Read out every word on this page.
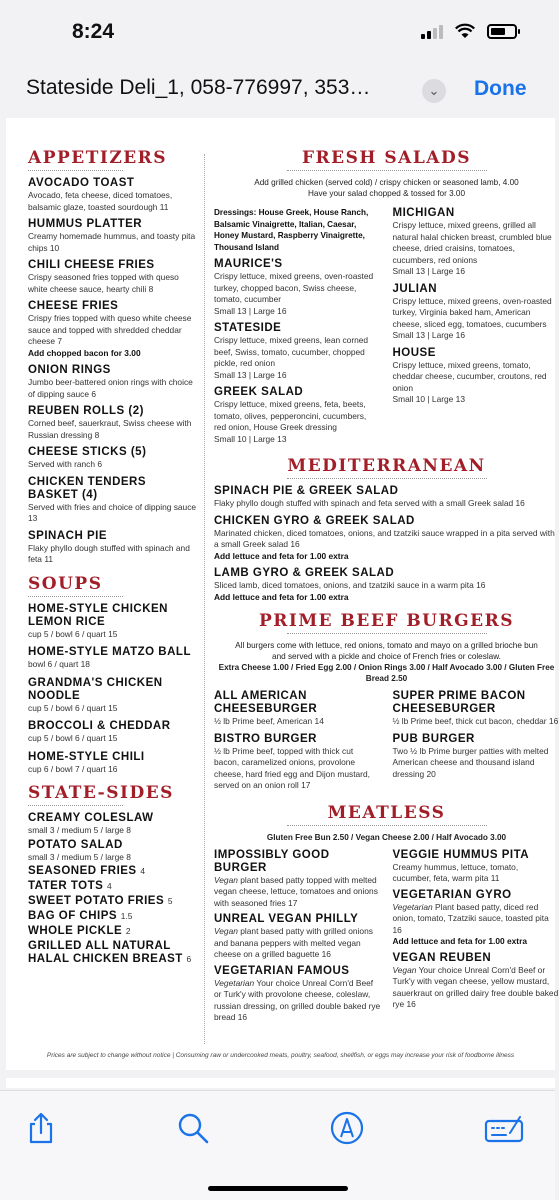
8:24
Stateside Deli_1, 058-776997, 353…	⌄	Done
APPETIZERS
AVOCADO TOAST
Avocado, feta cheese, diced tomatoes, balsamic glaze, toasted sourdough 11
HUMMUS PLATTER
Creamy homemade hummus, and toasty pita chips 10
CHILI CHEESE FRIES
Crispy seasoned fries topped with queso white cheese sauce, hearty chili 8
CHEESE FRIES
Crispy fries topped with queso white cheese sauce and topped with shredded cheddar cheese 7
Add chopped bacon for 3.00
ONION RINGS
Jumbo beer-battered onion rings with choice of dipping sauce 6
REUBEN ROLLS (2)
Corned beef, sauerkraut, Swiss cheese with Russian dressing 8
CHEESE STICKS (5)
Served with ranch 6
CHICKEN TENDERS BASKET (4)
Served with fries and choice of dipping sauce 13
SPINACH PIE
Flaky phyllo dough stuffed with spinach and feta 11
SOUPS
HOME-STYLE CHICKEN LEMON RICE
cup 5 / bowl 6 / quart 15
HOME-STYLE MATZO BALL
bowl 6 / quart 18
GRANDMA'S CHICKEN NOODLE
cup 5 / bowl 6 / quart 15
BROCCOLI & CHEDDAR
cup 5 / bowl 6 / quart 15
HOME-STYLE CHILI
cup 6 / bowl 7 / quart 16
STATE-SIDES
CREAMY COLESLAW
small 3 / medium 5 / large 8
POTATO SALAD
small 3 / medium 5 / large 8
SEASONED FRIES 4
TATER TOTS 4
SWEET POTATO FRIES 5
BAG OF CHIPS 1.5
WHOLE PICKLE 2
GRILLED ALL NATURAL HALAL CHICKEN BREAST 6
FRESH SALADS
Add grilled chicken (served cold) / crispy chicken or seasoned lamb, 4.00
Have your salad chopped & tossed for 3.00
Dressings: House Greek, House Ranch, Balsamic Vinaigrette, Italian, Caesar, Honey Mustard, Raspberry Vinaigrette, Thousand Island
MAURICE'S
Crispy lettuce, mixed greens, oven-roasted turkey, chopped bacon, Swiss cheese, tomato, cucumber
Small 13 | Large 16
STATESIDE
Crispy lettuce, mixed greens, lean corned beef, Swiss, tomato, cucumber, chopped pickle, red onion
Small 13 | Large 16
GREEK SALAD
Crispy lettuce, mixed greens, feta, beets, tomato, olives, pepperoncini, cucumbers, red onion, House Greek dressing
Small 10 | Large 13
MICHIGAN
Crispy lettuce, mixed greens, grilled all natural halal chicken breast, crumbled blue cheese, dried craisins, tomatoes, cucumbers, red onions
Small 13 | Large 16
JULIAN
Crispy lettuce, mixed greens, oven-roasted turkey, Virginia baked ham, American cheese, sliced egg, tomatoes, cucumbers
Small 13 | Large 16
HOUSE
Crispy lettuce, mixed greens, tomato, cheddar cheese, cucumber, croutons, red onion
Small 10 | Large 13
MEDITERRANEAN
SPINACH PIE & GREEK SALAD
Flaky phyllo dough stuffed with spinach and feta served with a small Greek salad 16
CHICKEN GYRO & GREEK SALAD
Marinated chicken, diced tomatoes, onions, and tzatziki sauce wrapped in a pita served with a small Greek salad 16
Add lettuce and feta for 1.00 extra
LAMB GYRO & GREEK SALAD
Sliced lamb, diced tomatoes, onions, and tzatziki sauce in a warm pita 16
Add lettuce and feta for 1.00 extra
PRIME BEEF BURGERS
All burgers come with lettuce, red onions, tomato and mayo on a grilled brioche bun
and served with a pickle and choice of French fries or coleslaw.
Extra Cheese 1.00 / Fried Egg 2.00 / Onion Rings 3.00 / Half Avocado 3.00 / Gluten Free Bread 2.50
ALL AMERICAN CHEESEBURGER
½ lb Prime beef, American 14
BISTRO BURGER
½ lb Prime beef, topped with thick cut bacon, caramelized onions, provolone cheese, hard fried egg and Dijon mustard, served on an onion roll 17
SUPER PRIME BACON CHEESEBURGER
½ lb Prime beef, thick cut bacon, cheddar 16
PUB BURGER
Two ½ lb Prime burger patties with melted American cheese and thousand island dressing 20
MEATLESS
Gluten Free Bun 2.50 / Vegan Cheese 2.00 / Half Avocado 3.00
IMPOSSIBLY GOOD BURGER
Vegan plant based patty topped with melted vegan cheese, lettuce, tomatoes and onions with seasoned fries 17
UNREAL VEGAN PHILLY
Vegan plant based patty with grilled onions and banana peppers with melted vegan cheese on a grilled baguette 16
VEGETARIAN FAMOUS
Vegetarian Your choice Unreal Corn'd Beef or Turk'y with provolone cheese, coleslaw, russian dressing, on grilled double baked rye bread 16
VEGGIE HUMMUS PITA
Creamy hummus, lettuce, tomato, cucumber, feta, warm pita 11
VEGETARIAN GYRO
Vegetarian Plant based patty, diced red onion, tomato, Tzatziki sauce, toasted pita 16
Add lettuce and feta for 1.00 extra
VEGAN REUBEN
Vegan Your choice Unreal Corn'd Beef or Turk'y with vegan cheese, yellow mustard, sauerkraut on grilled dairy free double baked rye 16
Prices are subject to change without notice | Consuming raw or undercooked meats, poultry, seafood, shellfish, or eggs may increase your risk of foodborne illness
